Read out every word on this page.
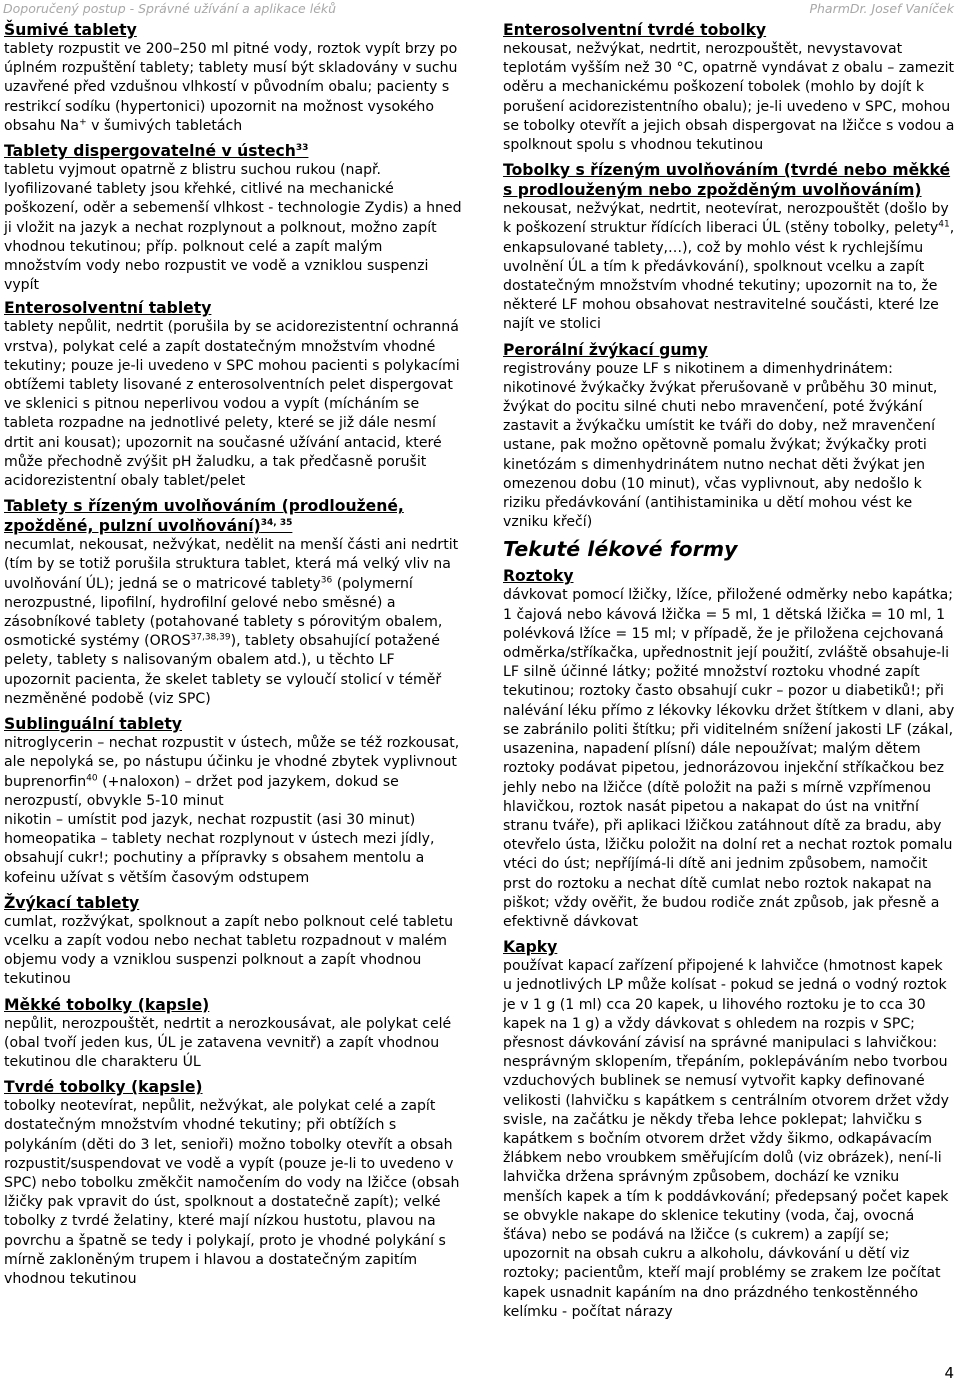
Doporučený postup - Správné užívání a aplikace léků	PharmDr. Josef Vaníček
Šumivé tablety

tablety rozpustit ve 200–250 ml pitné vody, roztok vypít brzy po úplném rozpuštění tablety; tablety musí být skladovány v suchu uzavřené před vzdušnou vlhkostí v původním obalu; pacienty s restrikcí sodíku (hypertonici) upozornit na možnost vysokého obsahu Na+ v šumivých tabletách

Tablety dispergovatelné v ústech$^{33}$

tabletu vyjmout opatrně z blistru suchou rukou (např. lyofilizované tablety jsou křehké, citlivé na mechanické poškození, oděr a sebemenší vlhkost - technologie Zydis) a hned ji vložit na jazyk a nechat rozplynout a polknout, možno zapít vhodnou tekutinou; příp. polknout celé a zapít malým množstvím vody nebo rozpustit ve vodě a vzniklou suspenzi vypít

Enterosolventní tablety

tablety nepůlit, nedrtit (porušila by se acidorezistentní ochranná vrstva), polykat celé a zapít dostatečným množstvím vhodné tekutiny; pouze je-li uvedeno v SPC mohou pacienti s polykacími obtížemi tablety lisované z enterosolventních pelet dispergovat ve sklenici s pitnou neperlivou vodou a vypít (mícháním se tableta rozpadne na jednotlivé pelety, které se již dále nesmí drtit ani kousat); upozornit na současné užívání antacid, které může přechodně zvýšit pH žaludku, a tak předčasně porušit acidorezistentní obaly tablet/pelet

Tablety s řízeným uvolňováním (prodloužené, zpožděné, pulzní uvolňování)$^{34, 35}$

necumlat, nekousat, nežvýkat, nedělit na menší části ani nedrtit (tím by se totiž porušila struktura tablet, která má velký vliv na uvolňování ÚL); jedná se o matricové tablety$^{36}$ (polymerní nerozpustné, lipofilní, hydrofilní gelové nebo směsné) a zásobníkové tablety (potahované tablety s pórovitým obalem, osmotické systémy (OROS$^{37,38,39}$), tablety obsahující potažené pelety, tablety s nalisovaným obalem atd.), u těchto LF upozornit pacienta, že skelet tablety se vyloučí stolicí v téměř nezměněné podobě (viz SPC)

Sublinguální tablety

nitroglycerin – nechat rozpustit v ústech, může se též rozkousat, ale nepolyká se, po nástupu účinku je vhodné zbytek vyplivnout

buprenorfin$^{40}$ (+naloxon) – držet pod jazykem, dokud se nerozpustí, obvykle 5-10 minut

nikotin – umístit pod jazyk, nechat rozpustit (asi 30 minut)

homeopatika – tablety nechat rozplynout v ústech mezi jídly, obsahují cukr!; pochutiny a přípravky s obsahem mentolu a kofeinu užívat s větším časovým odstupem

Žvýkací tablety

cumlat, rozžvýkat, spolknout a zapít nebo polknout celé tabletu vcelku a zapít vodou nebo nechat tabletu rozpadnout v malém objemu vody a vzniklou suspenzi polknout a zapít vhodnou tekutinou

Měkké tobolky (kapsle)

nepůlit, nerozpouštět, nedrtit a nerozkousávat, ale polykat celé (obal tvoří jeden kus, ÚL je zatavena vevnitř) a zapít vhodnou tekutinou dle charakteru ÚL

Tvrdé tobolky (kapsle)

tobolky neotevírat, nepůlit, nežvýkat, ale polykat celé a zapít dostatečným množstvím vhodné tekutiny; při obtížích s polykáním (děti do 3 let, senioři) možno tobolky otevřít a obsah rozpustit/suspendovat ve vodě a vypít (pouze je-li to uvedeno v SPC) nebo tobolku změkčit namočením do vody na lžičce (obsah lžičky pak vpravit do úst, spolknout a dostatečně zapít); velké tobolky z tvrdé želatiny, které mají nízkou hustotu, plavou na povrchu a špatně se tedy i polykají, proto je vhodné polykání s mírně zakloněným trupem i hlavou a dostatečným zapitím vhodnou tekutinou

Enterosolventní tvrdé tobolky

nekousat, nežvýkat, nedrtit, nerozpouštět, nevystavovat teplotám vyšším než 30 °C, opatrně vyndávat z obalu – zamezit oděru a mechanickému poškození tobolek (mohlo by dojít k porušení acidorezistentního obalu); je-li uvedeno v SPC, mohou se tobolky otevřít a jejich obsah dispergovat na lžičce s vodou a spolknout spolu s vhodnou tekutinou

Tobolky s řízeným uvolňováním (tvrdé nebo měkké s prodlouženým nebo zpožděným uvolňováním)

nekousat, nežvýkat, nedrtit, neotevírat, nerozpouštět (došlo by k poškození struktur řídících liberaci ÚL (stěny tobolky, pelety$^{41}$, enkapsulované tablety,…), což by mohlo vést k rychlejšímu uvolnění ÚL a tím k předávkování), spolknout vcelku a zapít dostatečným množstvím vhodné tekutiny; upozornit na to, že některé LF mohou obsahovat nestravitelné součásti, které lze najít ve stolici

Perorální žvýkací gumy

registrovány pouze LF s nikotinem a dimenhydrinátem: nikotinové žvýkačky žvýkat přerušovaně v průběhu 30 minut, žvýkat do pocitu silné chuti nebo mravenčení, poté žvýkání zastavit a žvýkačku umístit ke tváři do doby, než mravenčení ustane, pak možno opětovně pomalu žvýkat; žvýkačky proti kinetózám s dimenhydrinátem nutno nechat děti žvýkat jen omezenou dobu (10 minut), včas vyplivnout, aby nedošlo k riziku předávkování (antihistaminika u dětí mohou vést ke vzniku křečí)

Tekuté lékové formy
Roztoky

dávkovat pomocí lžičky, lžíce, přiložené odměrky nebo kapátka; 1 čajová nebo kávová lžička = 5 ml, 1 dětská lžička = 10 ml, 1 polévková lžíce = 15 ml; v případě, že je přiložena cejchovaná odměrka/stříkačka, upřednostnit její použití, zvláště obsahuje-li LF silně účinné látky; požité množství roztoku vhodné zapít tekutinou; roztoky často obsahují cukr – pozor u diabetiků!; při nalévání léku přímo z lékovky lékovku držet štítkem v dlani, aby se zabránilo politi štítku; při viditelném snížení jakosti LF (zákal, usazenina, napadení plísní) dále nepoužívat; malým dětem roztoky podávat pipetou, jednorázovou injekční stříkačkou bez jehly nebo na lžičce (dítě položit na paži s mírně vzpřímenou hlavičkou, roztok nasát pipetou a nakapat do úst na vnitřní stranu tváře), při aplikaci lžičkou zatáhnout dítě za bradu, aby otevřelo ústa, lžičku položit na dolní ret a nechat roztok pomalu vtéci do úst; nepříjímá-li dítě ani jednim způsobem, namočit prst do roztoku a nechat dítě cumlat nebo roztok nakapat na piškot; vždy ověřit, že budou rodiče znát způsob, jak přesně a efektivně dávkovat

Kapky

používat kapací zařízení připojené k lahvičce (hmotnost kapek u jednotlivých LP může kolísat - pokud se jedná o vodný roztok je v 1 g (1 ml) cca 20 kapek, u lihového roztoku je to cca 30 kapek na 1 g) a vždy dávkovat s ohledem na rozpis v SPC; přesnost dávkování závisí na správné manipulaci s lahvičkou: nesprávným sklopením, třepáním, poklepáváním nebo tvorbou vzduchových bublinek se nemusí vytvořit kapky definované velikosti (lahvičku s kapátkem s centrálním otvorem držet vždy svisle, na začátku je někdy třeba lehce poklepat; lahvičku s kapátkem s bočním otvorem držet vždy šikmo, odkapávacím žlábkem nebo vroubkem směřujícím dolů (viz obrázek), není-li lahvička držena správným způsobem, dochází ke vzniku menších kapek a tím k poddávkování; předepsaný počet kapek se obvykle nakape do sklenice tekutiny (voda, čaj, ovocná šťáva) nebo se podává na lžičce (s cukrem) a zapíjí se; upozornit na obsah cukru a alkoholu, dávkování u dětí viz roztoky; pacientům, kteří mají problémy se zrakem lze počítat kapek usnadnit kapáním na dno prázdného tenkostěnného kelímku - počítat nárazy

4
